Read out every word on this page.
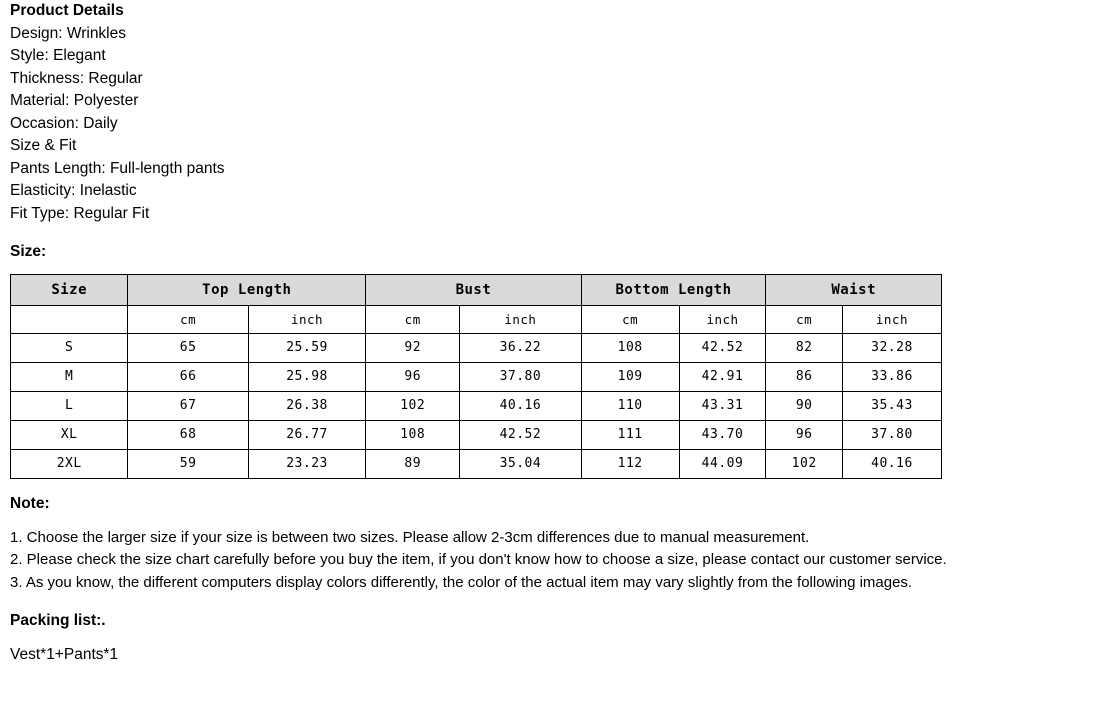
Product Details
Design: Wrinkles
Style: Elegant
Thickness: Regular
Material: Polyester
Occasion: Daily
Size & Fit
Pants Length: Full-length pants
Elasticity: Inelastic
Fit Type: Regular Fit
Size:
Size	Top Length		Bust		Bottom Length		Waist	
	cm	inch	cm	inch	cm	inch	cm	inch
S	65	25.59	92	36.22	108	42.52	82	32.28
M	66	25.98	96	37.80	109	42.91	86	33.86
L	67	26.38	102	40.16	110	43.31	90	35.43
XL	68	26.77	108	42.52	111	43.70	96	37.80
2XL	59	23.23	89	35.04	112	44.09	102	40.16
Note:
1. Choose the larger size if your size is between two sizes. Please allow 2-3cm differences due to manual measurement.
2. Please check the size chart carefully before you buy the item, if you don't know how to choose a size, please contact our customer service.
3. As you know, the different computers display colors differently, the color of the actual item may vary slightly from the following images.
Packing list:.
Vest*1+Pants*1
